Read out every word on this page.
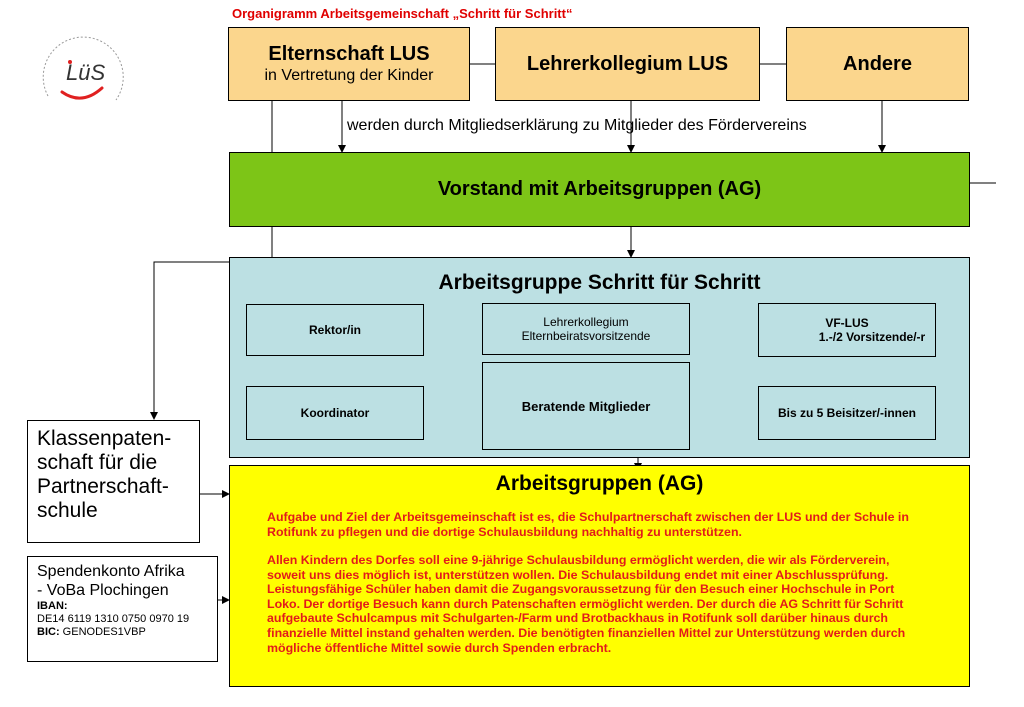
Organigramm Arbeitsgemeinschaft „Schritt für Schritt“
LüS
Elternschaft LUS
in Vertretung der Kinder
Lehrerkollegium LUS	Andere
werden durch Mitgliedserklärung zu Mitglieder des Fördervereins
Vorstand mit Arbeitsgruppen (AG)
Arbeitsgruppe Schritt für Schritt
Rektor/in
Lehrerkollegium
Elternbeiratsvorsitzende
VF-LUS
1.-/2 Vorsitzende/-r
Koordinator	Beratende Mitglieder	Bis zu 5 Beisitzer/-innen
Arbeitsgruppen (AG)
Aufgabe und Ziel der Arbeitsgemeinschaft ist es, die Schulpartnerschaft zwischen der LUS und der Schule in Rotifunk zu pflegen und die dortige Schulausbildung nachhaltig zu unterstützen.
Allen Kindern des Dorfes soll eine 9-jährige Schulausbildung ermöglicht werden, die wir als Förderverein, soweit uns dies möglich ist, unterstützen wollen. Die Schulausbildung endet mit einer Abschlussprüfung. Leistungsfähige Schüler haben damit die Zugangsvoraussetzung für den Besuch einer Hochschule in Port Loko. Der dortige Besuch kann durch Patenschaften ermöglicht werden. Der durch die AG Schritt für Schritt aufgebaute Schulcampus mit Schulgarten-/Farm und Brotbackhaus in Rotifunk soll darüber hinaus durch finanzielle Mittel instand gehalten werden. Die benötigten finanziellen Mittel zur Unterstützung werden durch mögliche öffentliche Mittel sowie durch Spenden erbracht.
Klassenpaten-
schaft für die
Partnerschaft-
schule
Spendenkonto Afrika
- VoBa Plochingen
IBAN:
DE14 6119 1310 0750 0970 19
BIC: GENODES1VBP
